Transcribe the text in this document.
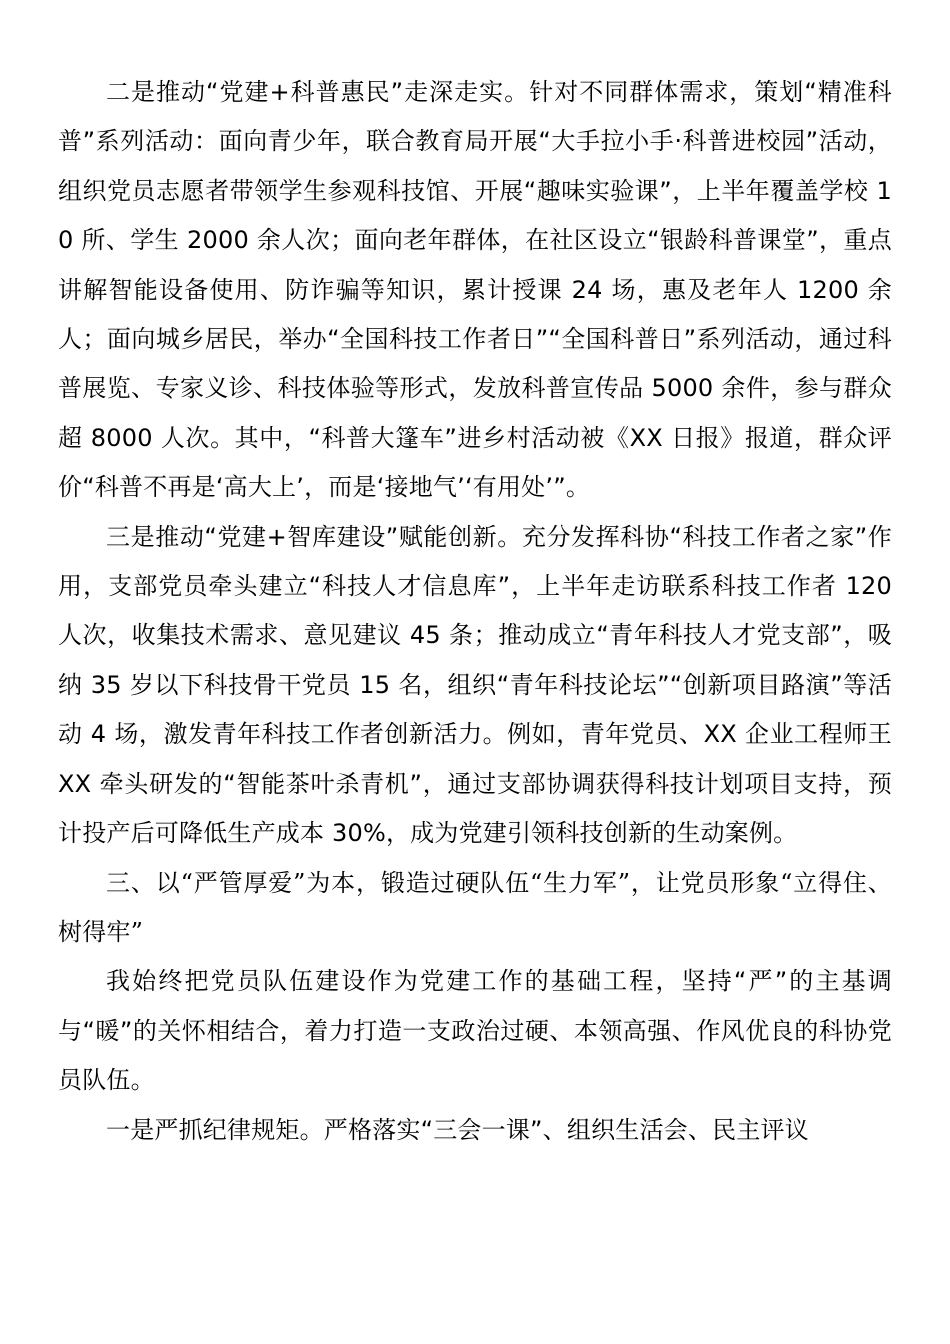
二是推动“党建+科普惠民”走深走实。针对不同群体需求，策划“精准科普”系列活动：面向青少年，联合教育局开展“大手拉小手·科普进校园”活动，组织党员志愿者带领学生参观科技馆、开展“趣味实验课”，上半年覆盖学校 10 所、学生 2000 余人次；面向老年群体，在社区设立“银龄科普课堂”，重点讲解智能设备使用、防诈骗等知识，累计授课 24 场，惠及老年人 1200 余人；面向城乡居民，举办“全国科技工作者日”“全国科普日”系列活动，通过科普展览、专家义诊、科技体验等形式，发放科普宣传品 5000 余件，参与群众超 8000 人次。其中，“科普大篷车”进乡村活动被《XX 日报》报道，群众评价“科普不再是‘高大上’，而是‘接地气’‘有用处’”。

三是推动“党建+智库建设”赋能创新。充分发挥科协“科技工作者之家”作用，支部党员牵头建立“科技人才信息库”，上半年走访联系科技工作者 120 人次，收集技术需求、意见建议 45 条；推动成立“青年科技人才党支部”，吸纳 35 岁以下科技骨干党员 15 名，组织“青年科技论坛”“创新项目路演”等活动 4 场，激发青年科技工作者创新活力。例如，青年党员、XX 企业工程师王 XX 牵头研发的“智能茶叶杀青机”，通过支部协调获得科技计划项目支持，预计投产后可降低生产成本 30%，成为党建引领科技创新的生动案例。

三、以“严管厚爱”为本，锻造过硬队伍“生力军”，让党员形象“立得住、树得牢”

我始终把党员队伍建设作为党建工作的基础工程，坚持“严”的主基调与“暖”的关怀相结合，着力打造一支政治过硬、本领高强、作风优良的科协党员队伍。

一是严抓纪律规矩。严格落实“三会一课”、组织生活会、民主评议
